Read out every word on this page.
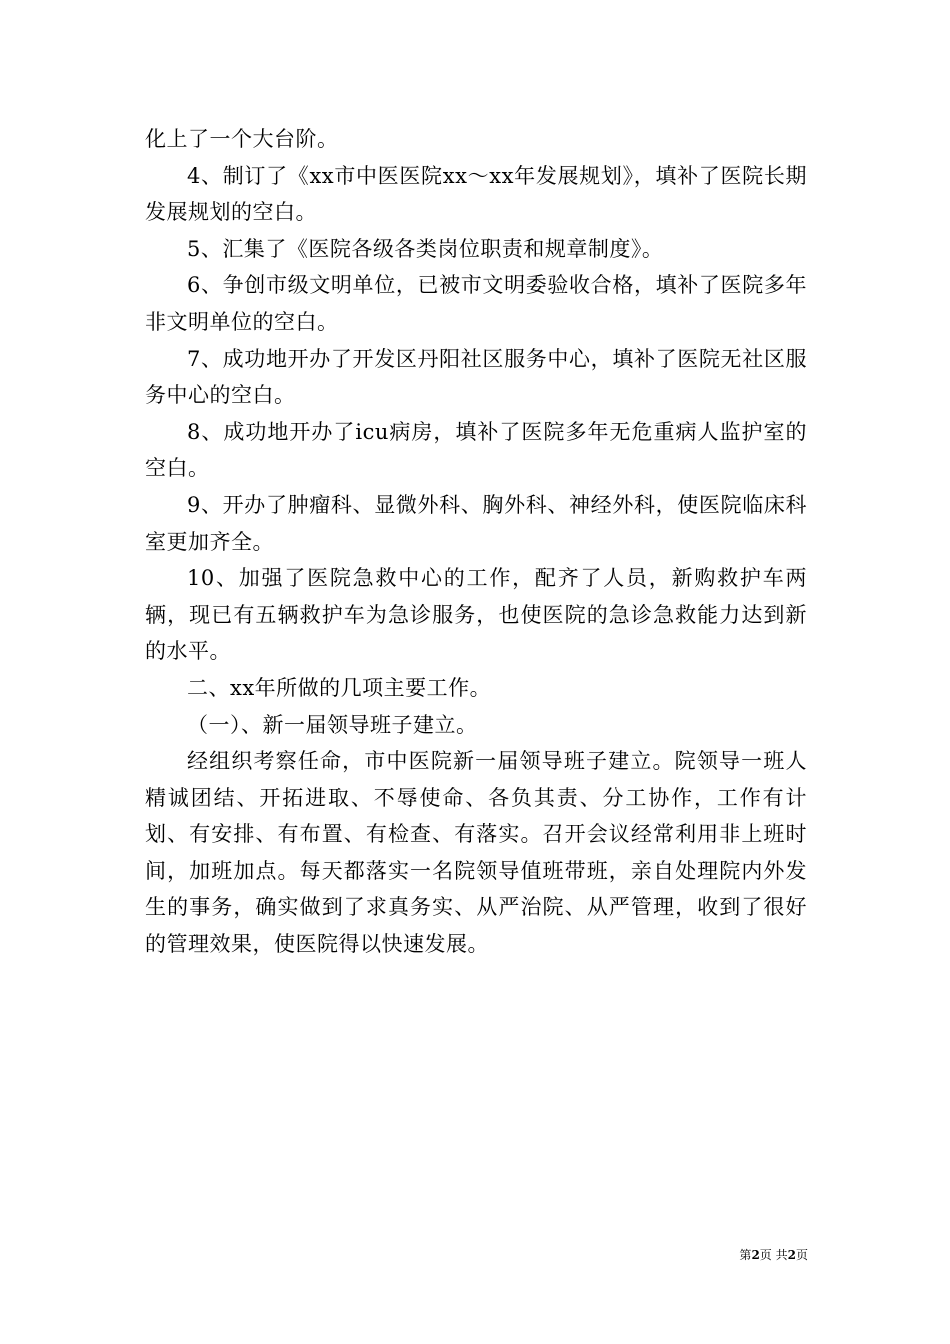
化上了一个大台阶。

4、制订了《xx市中医医院xx～xx年发展规划》，填补了医院长期发展规划的空白。

5、汇集了《医院各级各类岗位职责和规章制度》。

6、争创市级文明单位，已被市文明委验收合格，填补了医院多年非文明单位的空白。

7、成功地开办了开发区丹阳社区服务中心，填补了医院无社区服务中心的空白。

8、成功地开办了icu病房，填补了医院多年无危重病人监护室的空白。

9、开办了肿瘤科、显微外科、胸外科、神经外科，使医院临床科室更加齐全。

10、加强了医院急救中心的工作，配齐了人员，新购救护车两辆，现已有五辆救护车为急诊服务，也使医院的急诊急救能力达到新的水平。

二、xx年所做的几项主要工作。

（一）、新一届领导班子建立。

经组织考察任命，市中医院新一届领导班子建立。院领导一班人精诚团结、开拓进取、不辱使命、各负其责、分工协作，工作有计划、有安排、有布置、有检查、有落实。召开会议经常利用非上班时间，加班加点。每天都落实一名院领导值班带班，亲自处理院内外发生的事务，确实做到了求真务实、从严治院、从严管理，收到了很好的管理效果，使医院得以快速发展。

第2页 共2页
